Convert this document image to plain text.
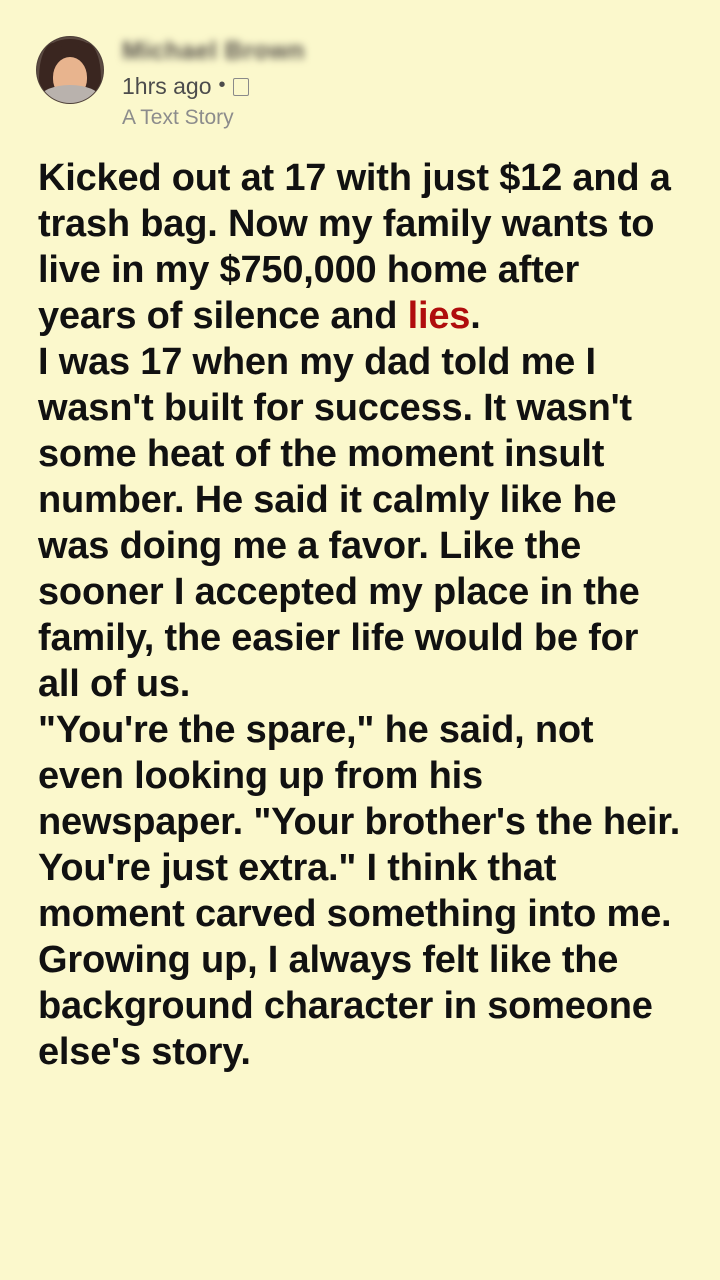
Michael Brown
1hrs ago •
A Text Story

Kicked out at 17 with just $12 and a trash bag. Now my family wants to live in my $750,000 home after years of silence and lies.

I was 17 when my dad told me I wasn't built for success. It wasn't some heat of the moment insult number. He said it calmly like he was doing me a favor. Like the sooner I accepted my place in the family, the easier life would be for all of us.

"You're the spare," he said, not even looking up from his newspaper. "Your brother's the heir. You're just extra." I think that moment carved something into me.

Growing up, I always felt like the background character in someone else's story.
